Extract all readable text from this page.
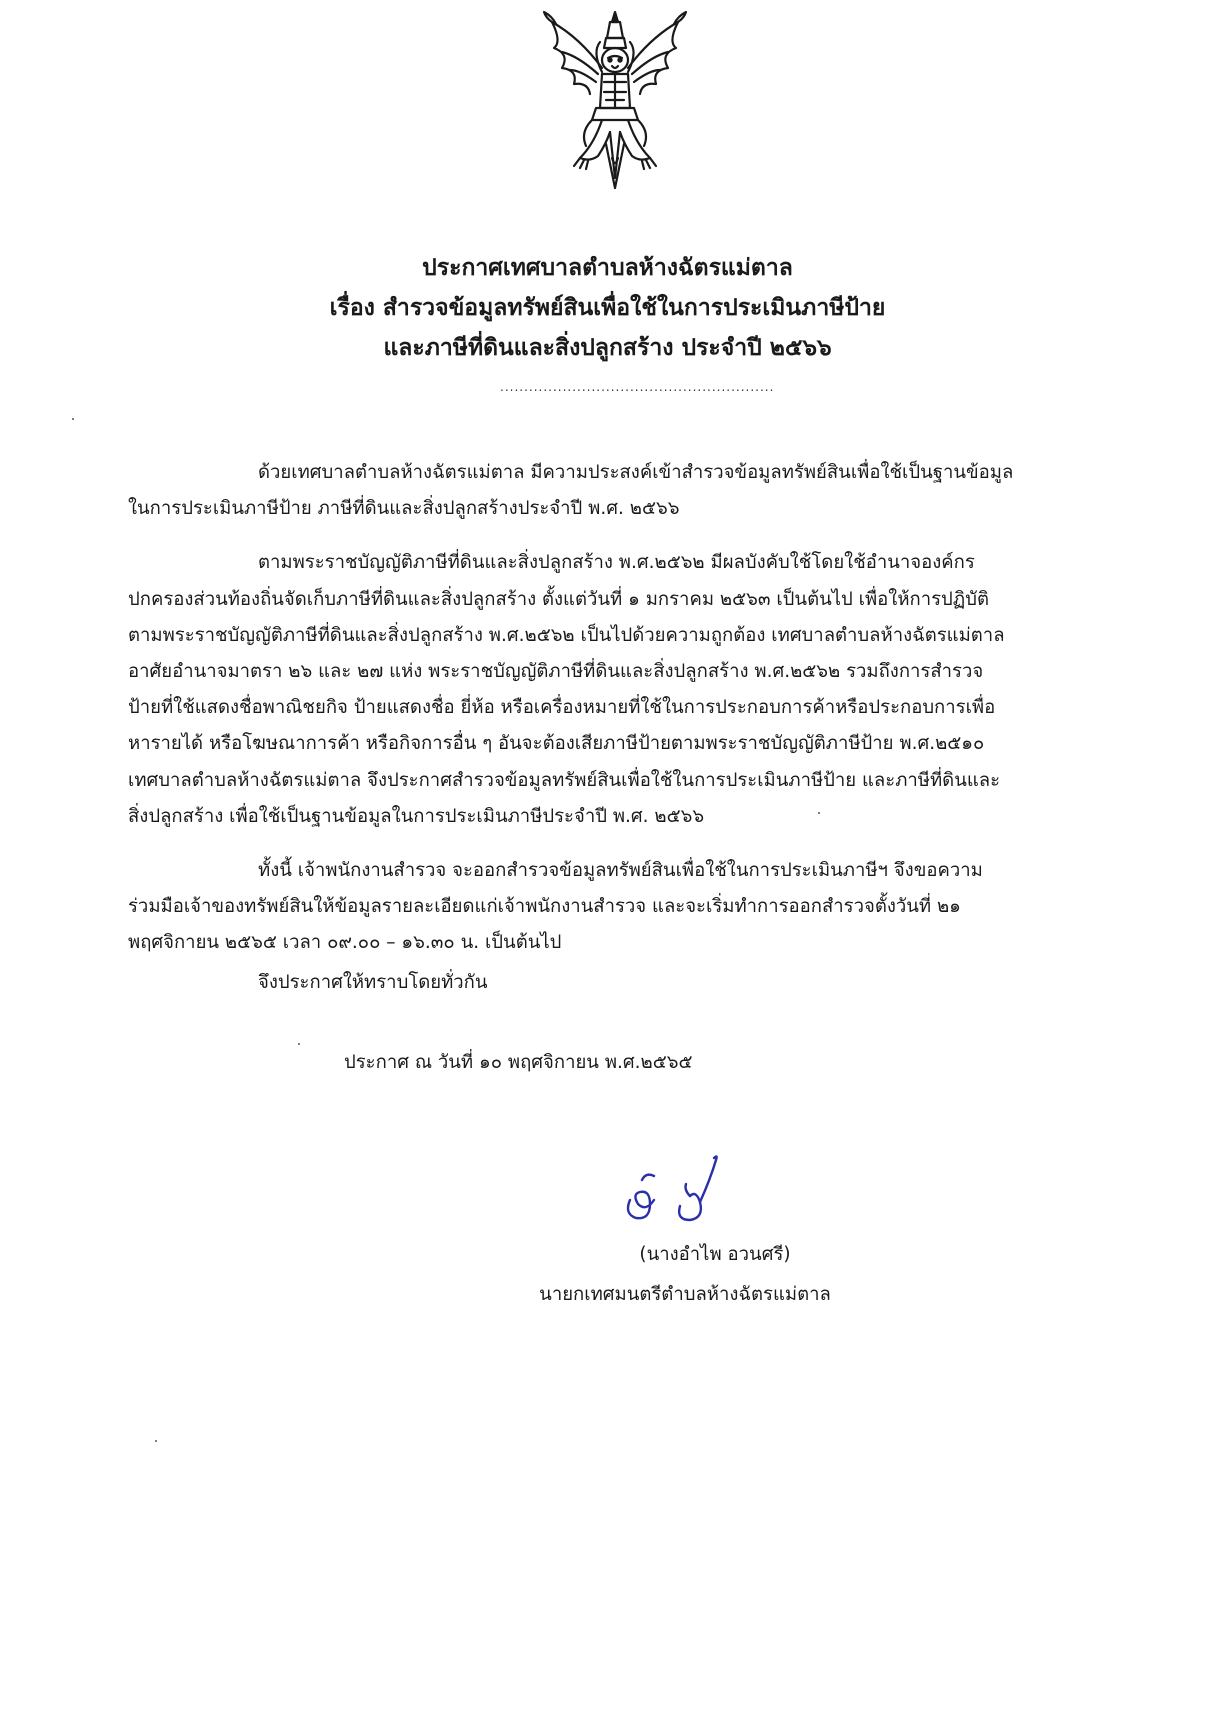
ประกาศเทศบาลตำบลห้างฉัตรแม่ตาล
เรื่อง สำรวจข้อมูลทรัพย์สินเพื่อใช้ในการประเมินภาษีป้าย
และภาษีที่ดินและสิ่งปลูกสร้าง ประจำปี ๒๕๖๖
.........................................................

ด้วยเทศบาลตำบลห้างฉัตรแม่ตาล มีความประสงค์เข้าสำรวจข้อมูลทรัพย์สินเพื่อใช้เป็นฐานข้อมูล
ในการประเมินภาษีป้าย ภาษีที่ดินและสิ่งปลูกสร้างประจำปี พ.ศ. ๒๕๖๖

ตามพระราชบัญญัติภาษีที่ดินและสิ่งปลูกสร้าง พ.ศ.๒๕๖๒ มีผลบังคับใช้โดยใช้อำนาจองค์กร
ปกครองส่วนท้องถิ่นจัดเก็บภาษีที่ดินและสิ่งปลูกสร้าง ตั้งแต่วันที่ ๑ มกราคม ๒๕๖๓ เป็นต้นไป เพื่อให้การปฏิบัติ
ตามพระราชบัญญัติภาษีที่ดินและสิ่งปลูกสร้าง พ.ศ.๒๕๖๒ เป็นไปด้วยความถูกต้อง เทศบาลตำบลห้างฉัตรแม่ตาล
อาศัยอำนาจมาตรา ๒๖ และ ๒๗ แห่ง พระราชบัญญัติภาษีที่ดินและสิ่งปลูกสร้าง พ.ศ.๒๕๖๒ รวมถึงการสำรวจ
ป้ายที่ใช้แสดงชื่อพาณิชยกิจ ป้ายแสดงชื่อ ยี่ห้อ หรือเครื่องหมายที่ใช้ในการประกอบการค้าหรือประกอบการเพื่อ
หารายได้ หรือโฆษณาการค้า หรือกิจการอื่น ๆ อันจะต้องเสียภาษีป้ายตามพระราชบัญญัติภาษีป้าย พ.ศ.๒๕๑๐
เทศบาลตำบลห้างฉัตรแม่ตาล จึงประกาศสำรวจข้อมูลทรัพย์สินเพื่อใช้ในการประเมินภาษีป้าย และภาษีที่ดินและ
สิ่งปลูกสร้าง เพื่อใช้เป็นฐานข้อมูลในการประเมินภาษีประจำปี พ.ศ. ๒๕๖๖

ทั้งนี้ เจ้าพนักงานสำรวจ จะออกสำรวจข้อมูลทรัพย์สินเพื่อใช้ในการประเมินภาษีฯ จึงขอความ
ร่วมมือเจ้าของทรัพย์สินให้ข้อมูลรายละเอียดแก่เจ้าพนักงานสำรวจ และจะเริ่มทำการออกสำรวจตั้งวันที่ ๒๑
พฤศจิกายน ๒๕๖๕ เวลา ๐๙.๐๐ – ๑๖.๓๐ น. เป็นต้นไป

จึงประกาศให้ทราบโดยทั่วกัน
ประกาศ ณ วันที่ ๑๐ พฤศจิกายน พ.ศ.๒๕๖๕
(นางอำไพ อวนศรี)
นายกเทศมนตรีตำบลห้างฉัตรแม่ตาล
